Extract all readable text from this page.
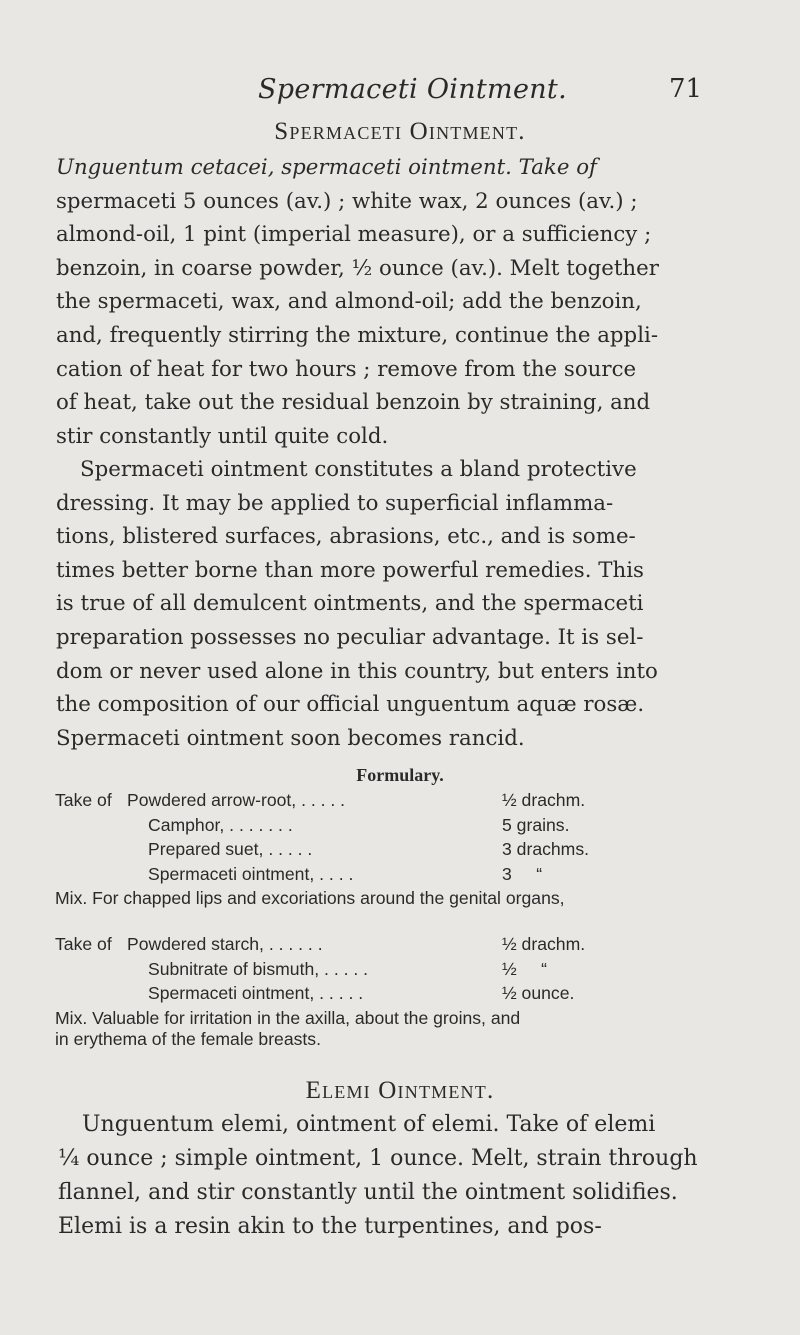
Spermaceti Ointment.	71
Spermaceti Ointment.
Unguentum cetacei, spermaceti ointment. Take of
spermaceti 5 ounces (av.) ; white wax, 2 ounces (av.) ;
almond-oil, 1 pint (imperial measure), or a sufficiency ;
benzoin, in coarse powder, ½ ounce (av.). Melt together
the spermaceti, wax, and almond-oil; add the benzoin,
and, frequently stirring the mixture, continue the appli-
cation of heat for two hours ; remove from the source
of heat, take out the residual benzoin by straining, and
stir constantly until quite cold.
Spermaceti ointment constitutes a bland protective
dressing. It may be applied to superficial inflamma-
tions, blistered surfaces, abrasions, etc., and is some-
times better borne than more powerful remedies. This
is true of all demulcent ointments, and the spermaceti
preparation possesses no peculiar advantage. It is sel-
dom or never used alone in this country, but enters into
the composition of our official unguentum aquæ rosæ.
Spermaceti ointment soon becomes rancid.
Formulary.
Take of Powdered arrow-root, . . . . .	½ drachm.
Camphor, . . . . . . .	5 grains.
Prepared suet, . . . . .	3 drachms.
Spermaceti ointment, . . . .	3     “
Mix. For chapped lips and excoriations around the genital organs,
Take of Powdered starch, . . . . . .	½ drachm.
Subnitrate of bismuth, . . . . .	½     “
Spermaceti ointment, . . . . .	½ ounce.
Mix. Valuable for irritation in the axilla, about the groins, and
in erythema of the female breasts.
Elemi Ointment.
Unguentum elemi, ointment of elemi. Take of elemi
¼ ounce ; simple ointment, 1 ounce. Melt, strain through
flannel, and stir constantly until the ointment solidifies.
Elemi is a resin akin to the turpentines, and pos-
